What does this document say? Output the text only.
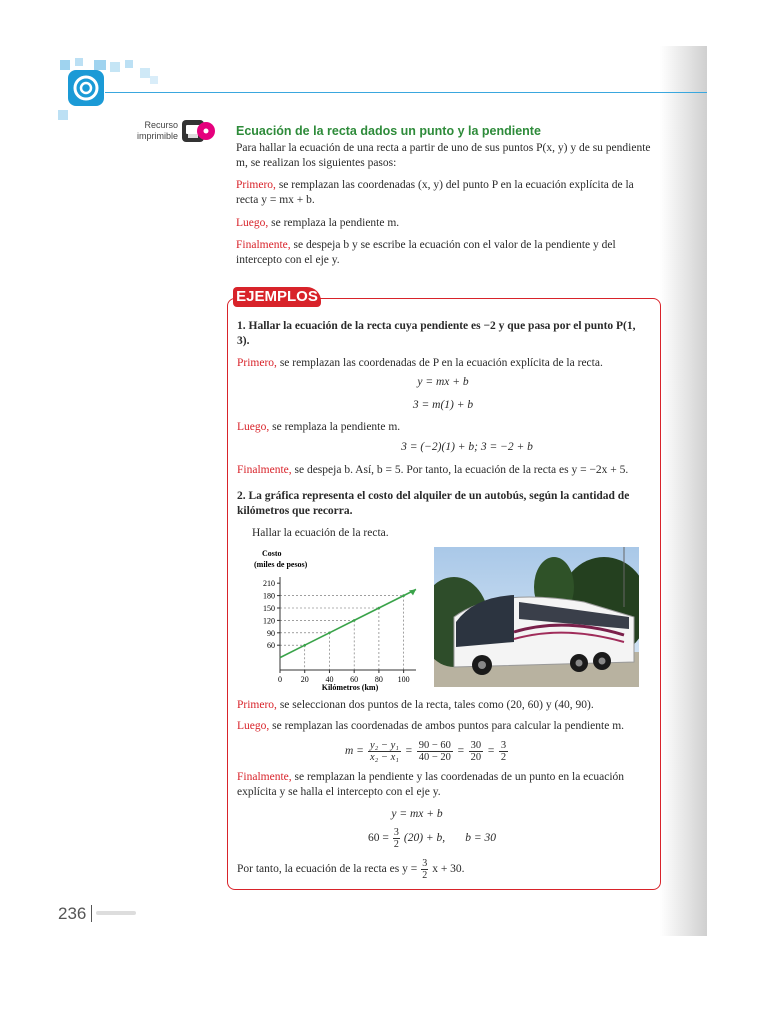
Recurso
imprimible	Ecuación de la recta dados un punto y la pendiente
Para hallar la ecuación de una recta a partir de uno de sus puntos P(x, y) y de su pendiente m, se realizan los siguientes pasos:
Primero, se remplazan las coordenadas (x, y) del punto P en la ecuación explícita de la recta y = mx + b.
Luego, se remplaza la pendiente m.
Finalmente, se despeja b y se escribe la ecuación con el valor de la pendiente y del intercepto con el eje y.
EJEMPLOS
1. Hallar la ecuación de la recta cuya pendiente es −2 y que pasa por el punto P(1, 3).
Primero, se remplazan las coordenadas de P en la ecuación explícita de la recta.
y = mx + b
3 = m(1) + b
Luego, se remplaza la pendiente m.
3 = (−2)(1) + b; 3 = −2 + b
Finalmente, se despeja b. Así, b = 5. Por tanto, la ecuación de la recta es y = −2x + 5.
2. La gráfica representa el costo del alquiler de un autobús, según la cantidad de kilómetros que recorra.
Hallar la ecuación de la recta.
Costo
(miles de pesos)
0 20 40 60 80 100
60
90
120
150
180
210
Kilómetros (km)
Primero, se seleccionan dos puntos de la recta, tales como (20, 60) y (40, 90).
Luego, se remplazan las coordenadas de ambos puntos para calcular la pendiente m.
$m = \frac{\text{y₂ − y₁}}{\text{x₂ − x₁}} = \frac{90 - 60}{40 - 20} = \frac{30}{20} = \frac{3}{2}$
Finalmente, se remplazan la pendiente y las coordenadas de un punto en la ecuación explícita y se halla el intercepto con el eje y.
y = mx + b
$60 = \frac{3}{2} (20) + b$,       b = 30
Por tanto, la ecuación de la recta es $y = \frac{3}{2}$ x + 30.
236
